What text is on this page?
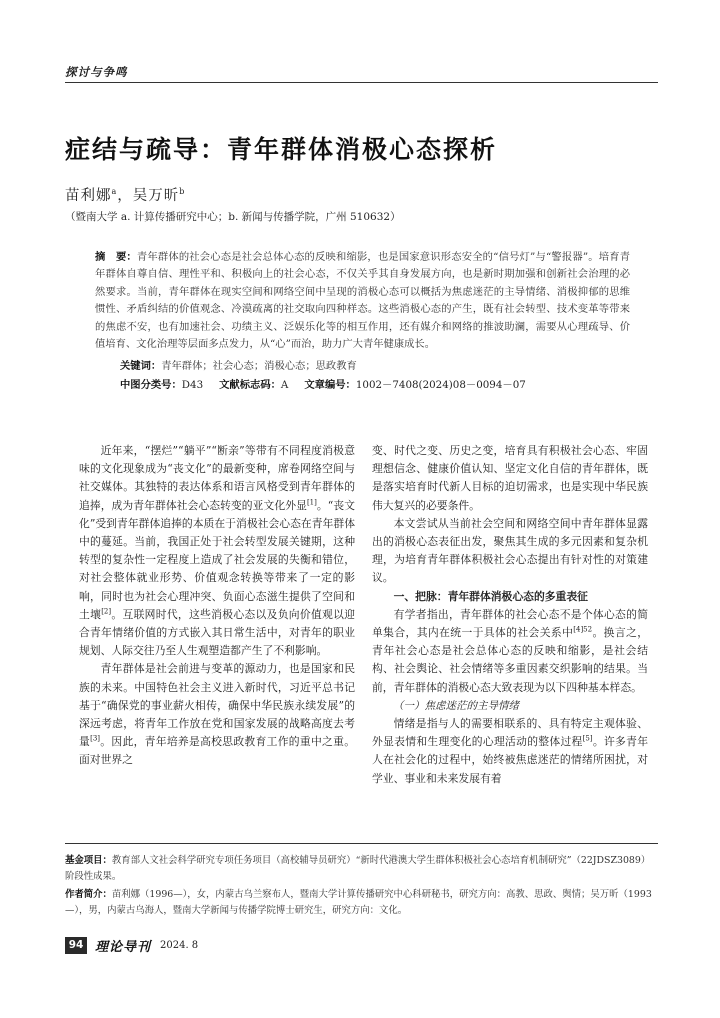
探讨与争鸣
症结与疏导：青年群体消极心态探析
苗利娜$^a$，吴万昕$^b$
（暨南大学 a. 计算传播研究中心；b. 新闻与传播学院，广州 510632）
摘　要：青年群体的社会心态是社会总体心态的反映和缩影，也是国家意识形态安全的“信号灯”与“警报器”。培育青年群体自尊自信、理性平和、积极向上的社会心态，不仅关乎其自身发展方向，也是新时期加强和创新社会治理的必然要求。当前，青年群体在现实空间和网络空间中呈现的消极心态可以概括为焦虑迷茫的主导情绪、消极抑郁的思维惯性、矛盾纠结的价值观念、冷漠疏离的社交取向四种样态。这些消极心态的产生，既有社会转型、技术变革等带来的焦虑不安，也有加速社会、功绩主义、泛娱乐化等的相互作用，还有媒介和网络的推波助澜，需要从心理疏导、价值培育、文化治理等层面多点发力，从“心”而治，助力广大青年健康成长。
关键词：青年群体；社会心态；消极心态；思政教育
中图分类号：D43 文献标志码：A 文章编号：1002－7408(2024)08－0094－07

近年来，“摆烂”“躺平”“断亲”等带有不同程度消极意味的文化现象成为“丧文化”的最新变种，席卷网络空间与社交媒体。其独特的表达体系和语言风格受到青年群体的追捧，成为青年群体社会心态转变的亚文化外显[1]。“丧文化”受到青年群体追捧的本质在于消极社会心态在青年群体中的蔓延。当前，我国正处于社会转型发展关键期，这种转型的复杂性一定程度上造成了社会发展的失衡和错位，对社会整体就业形势、价值观念转换等带来了一定的影响，同时也为社会心理冲突、负面心态滋生提供了空间和土壤[2]。互联网时代，这些消极心态以及负向价值观以迎合青年情绪价值的方式嵌入其日常生活中，对青年的职业规划、人际交往乃至人生观塑造都产生了不利影响。

青年群体是社会前进与变革的源动力，也是国家和民族的未来。中国特色社会主义进入新时代，习近平总书记基于“确保党的事业薪火相传，确保中华民族永续发展”的深远考虑，将青年工作放在党和国家发展的战略高度去考量[3]。因此，青年培养是高校思政教育工作的重中之重。面对世界之

变、时代之变、历史之变，培育具有积极社会心态、牢固理想信念、健康价值认知、坚定文化自信的青年群体，既是落实培育时代新人目标的迫切需求，也是实现中华民族伟大复兴的必要条件。

本文尝试从当前社会空间和网络空间中青年群体显露出的消极心态表征出发，聚焦其生成的多元因素和复杂机理，为培育青年群体积极社会心态提出有针对性的对策建议。

一、把脉：青年群体消极心态的多重表征

有学者指出，青年群体的社会心态不是个体心态的简单集合，其内在统一于具体的社会关系中$^{[4]52}$。换言之，青年社会心态是社会总体心态的反映和缩影，是社会结构、社会舆论、社会情绪等多重因素交织影响的结果。当前，青年群体的消极心态大致表现为以下四种基本样态。

（一）焦虑迷茫的主导情绪

情绪是指与人的需要相联系的、具有特定主观体验、外显表情和生理变化的心理活动的整体过程[5]。许多青年人在社会化的过程中，始终被焦虑迷茫的情绪所困扰，对学业、事业和未来发展有着

基金项目：教育部人文社会科学研究专项任务项目（高校辅导员研究）“新时代港澳大学生群体积极社会心态培育机制研究”（22JDSZ3089）阶段性成果。
作者简介：苗利娜（1996—），女，内蒙古乌兰察布人，暨南大学计算传播研究中心科研秘书，研究方向：高教、思政、舆情；吴万昕（1993—），男，内蒙古乌海人，暨南大学新闻与传播学院博士研究生，研究方向：文化。
94 理论导刊 2024. 8
